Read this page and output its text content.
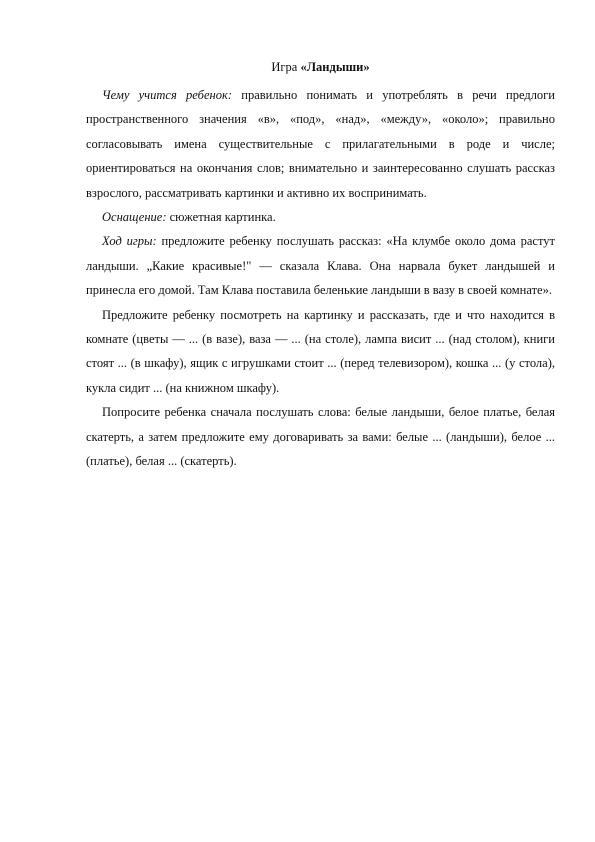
Игра «Ландыши»

Чему учится ребенок: правильно понимать и употреблять в речи предлоги пространственного значения «в», «под», «над», «между», «около»; правильно согласовывать имена существительные с прилагательными в роде и числе; ориентироваться на окончания слов; внимательно и заинтересованно слушать рассказ взрослого, рассматривать картинки и активно их воспринимать.

Оснащение: сюжетная картинка.

Ход игры: предложите ребенку послушать рассказ: «На клумбе около дома растут ландыши. „Какие красивые!" — сказала Клава. Она нарвала букет ландышей и принесла его домой. Там Клава поставила беленькие ландыши в вазу в своей комнате».

Предложите ребенку посмотреть на картинку и рассказать, где и что находится в комнате (цветы — ... (в вазе), ваза — ... (на столе), лампа висит ... (над столом), книги стоят ... (в шкафу), ящик с игрушками стоит ... (перед телевизором), кошка ... (у стола), кукла сидит ... (на книжном шкафу).

Попросите ребенка сначала послушать слова: белые ландыши, белое платье, белая скатерть, а затем предложите ему договаривать за вами: белые ... (ландыши), белое ... (платье), белая ... (скатерть).
